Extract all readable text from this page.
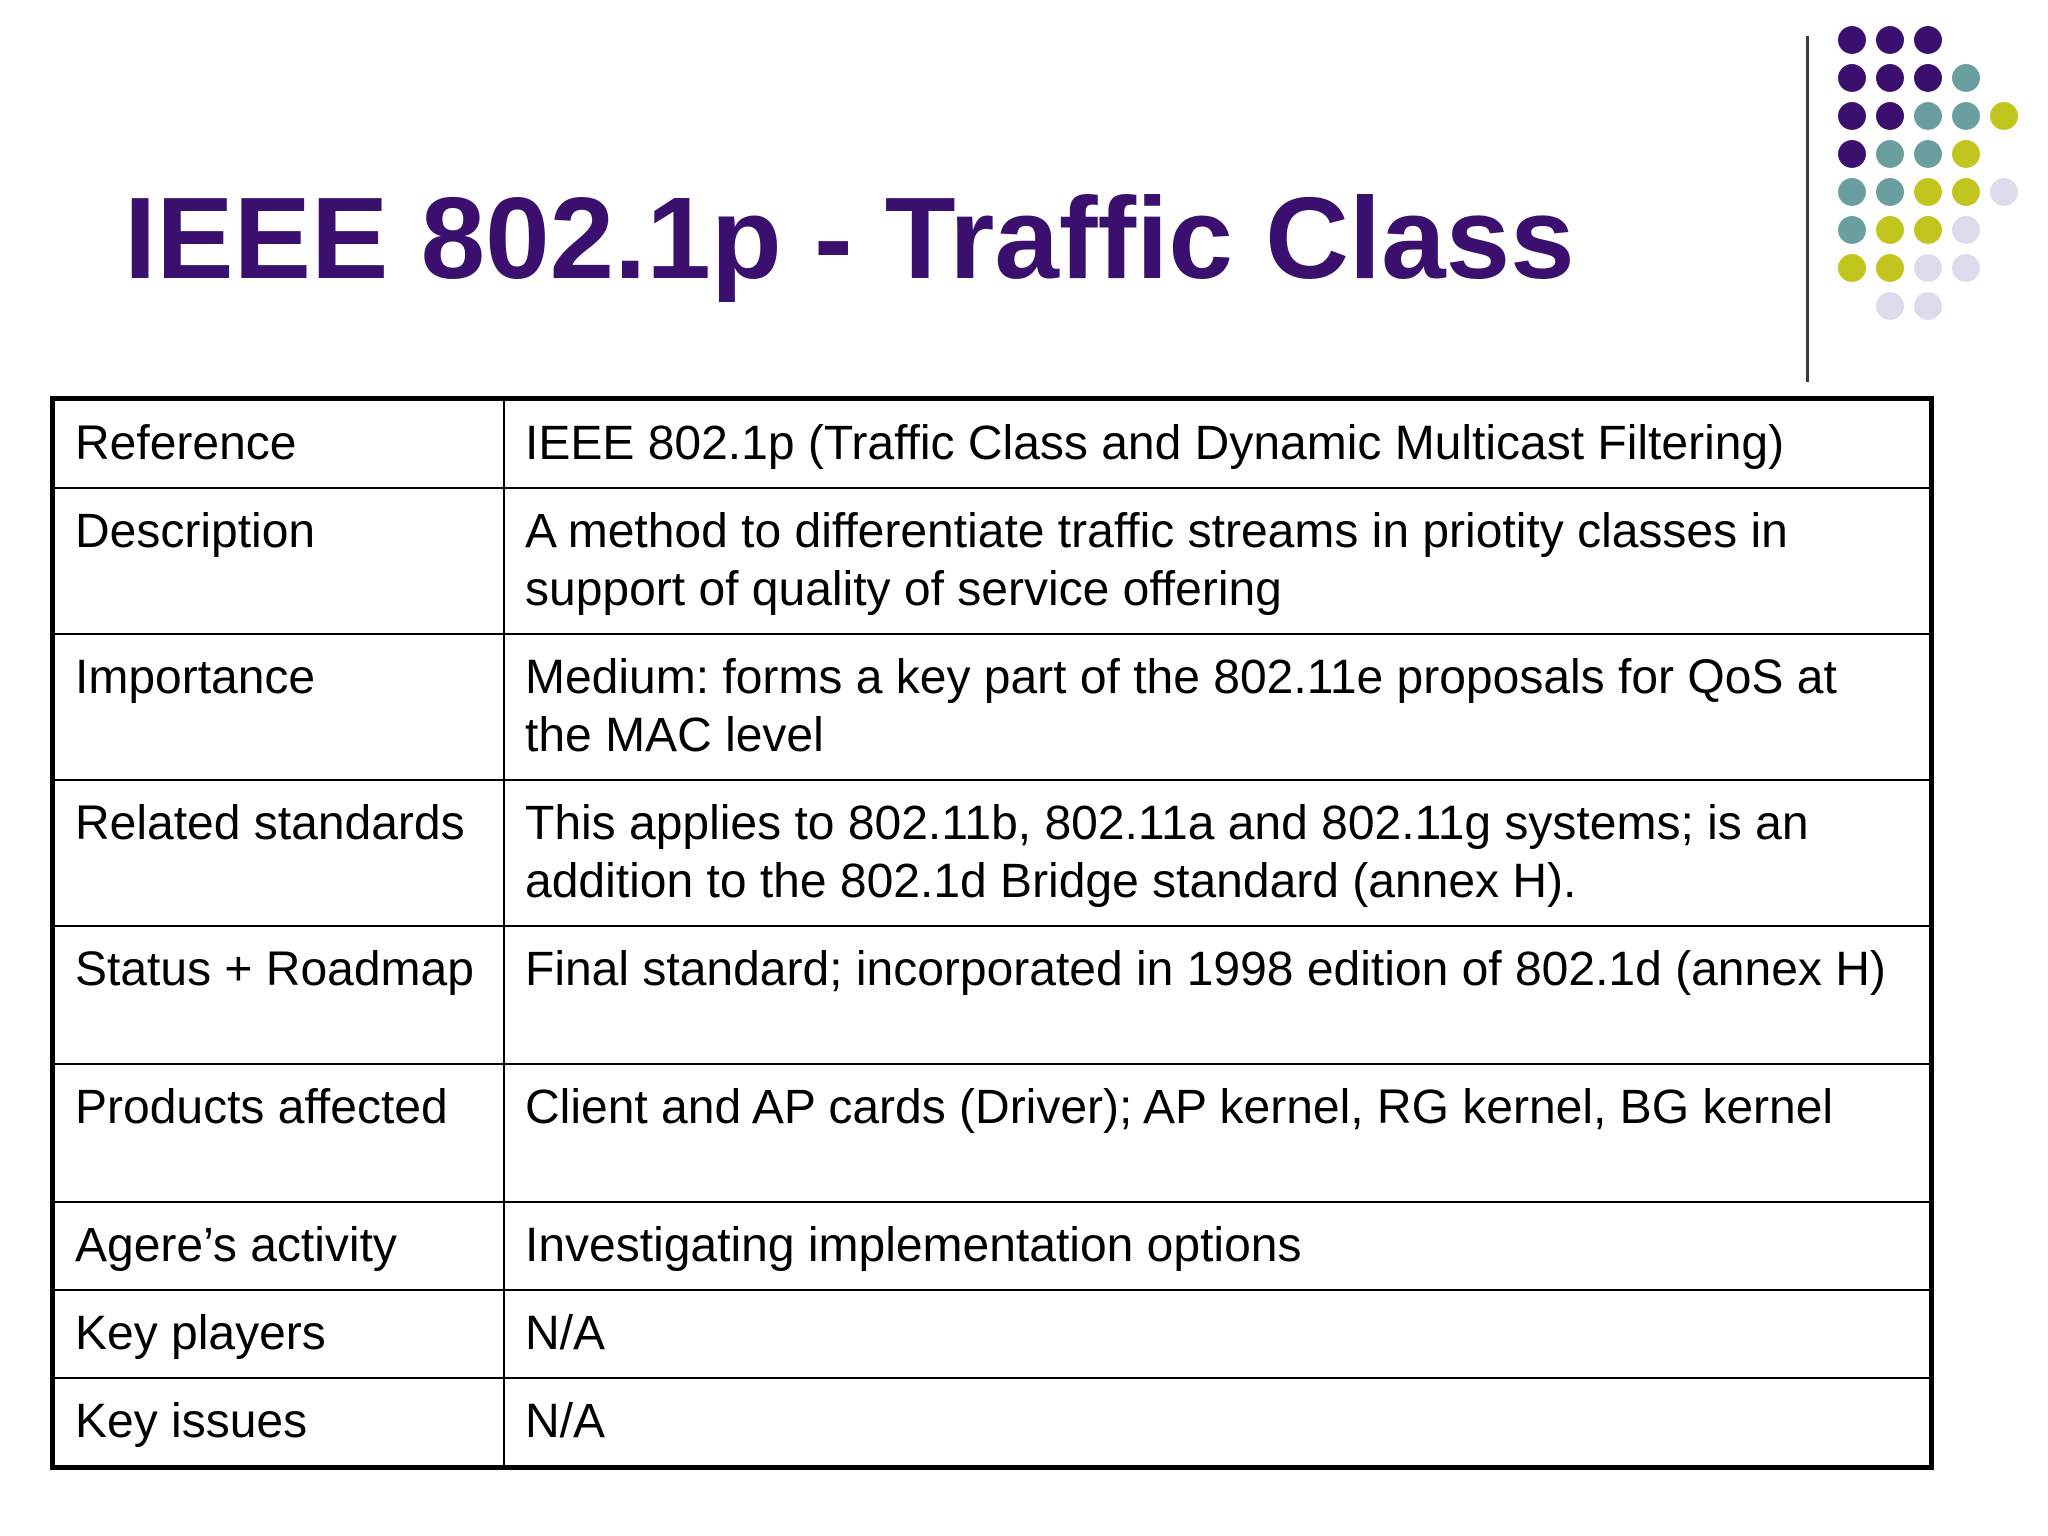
IEEE 802.1p - Traffic Class
Reference	IEEE 802.1p (Traffic Class and Dynamic Multicast Filtering)
Description	A method to differentiate traffic streams in priotity classes in support of quality of service offering
Importance	Medium: forms a key part of the 802.11e proposals for QoS at the MAC level
Related standards	This applies to 802.11b, 802.11a and 802.11g systems; is an addition to the 802.1d Bridge standard (annex H).
Status + Roadmap	Final standard; incorporated in 1998 edition of 802.1d (annex H)
Products affected	Client and AP cards (Driver); AP kernel, RG kernel, BG kernel
Agere’s activity	Investigating implementation options
Key players	N/A
Key issues	N/A
